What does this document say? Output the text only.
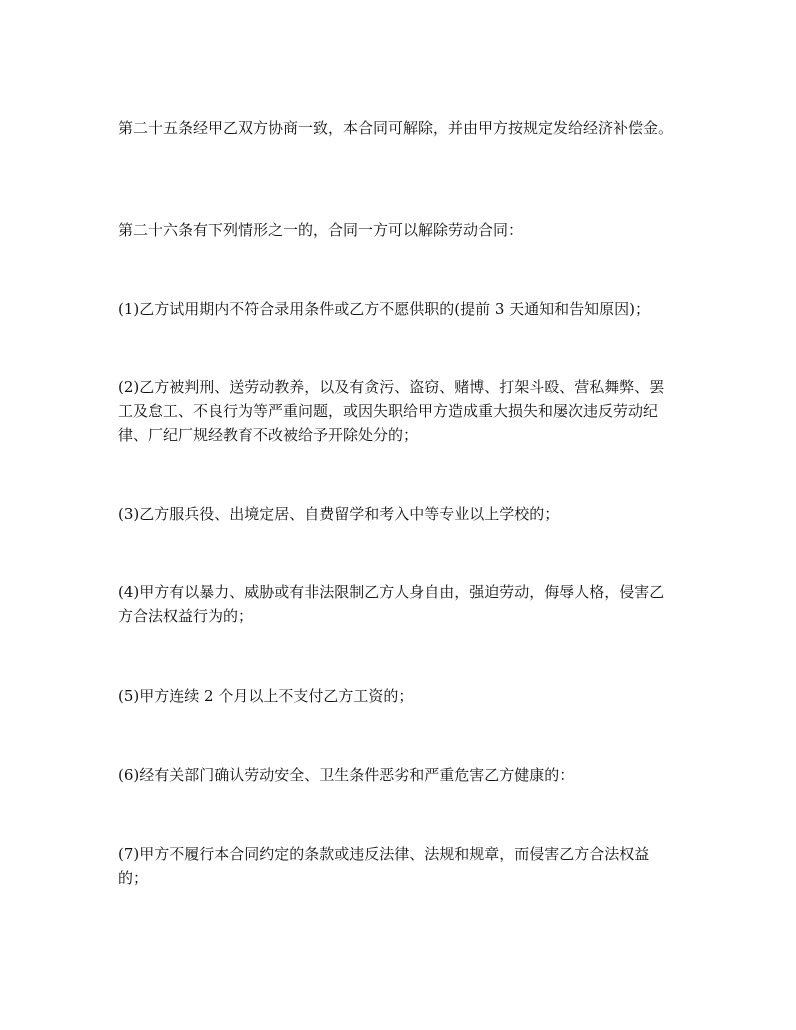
第二十五条经甲乙双方协商一致，本合同可解除，并由甲方按规定发给经济补偿金。

第二十六条有下列情形之一的，合同一方可以解除劳动合同：

(1)乙方试用期内不符合录用条件或乙方不愿供职的(提前 3 天通知和告知原因)；

(2)乙方被判刑、送劳动教养，以及有贪污、盗窃、赌博、打架斗殴、营私舞弊、罢工及怠工、不良行为等严重问题，或因失职给甲方造成重大损失和屡次违反劳动纪律、厂纪厂规经教育不改被给予开除处分的；

(3)乙方服兵役、出境定居、自费留学和考入中等专业以上学校的；

(4)甲方有以暴力、威胁或有非法限制乙方人身自由，强迫劳动，侮辱人格，侵害乙方合法权益行为的；

(5)甲方连续 2 个月以上不支付乙方工资的；

(6)经有关部门确认劳动安全、卫生条件恶劣和严重危害乙方健康的：

(7)甲方不履行本合同约定的条款或违反法律、法规和规章，而侵害乙方合法权益的；
